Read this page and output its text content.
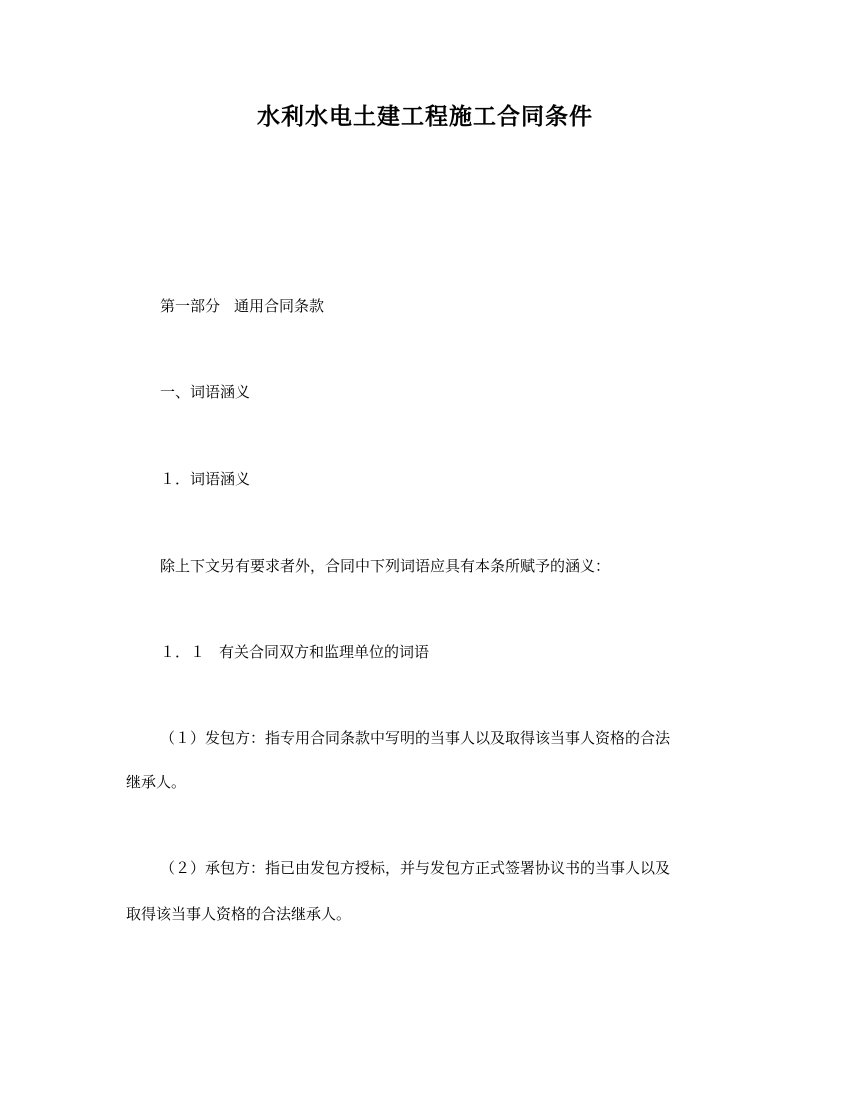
水利水电土建工程施工合同条件

第一部分 通用合同条款

一、词语涵义

１．词语涵义

除上下文另有要求者外，合同中下列词语应具有本条所赋予的涵义：

１．１ 有关合同双方和监理单位的词语

（１）发包方：指专用合同条款中写明的当事人以及取得该当事人资格的合法

继承人。

（２）承包方：指已由发包方授标，并与发包方正式签署协议书的当事人以及

取得该当事人资格的合法继承人。
